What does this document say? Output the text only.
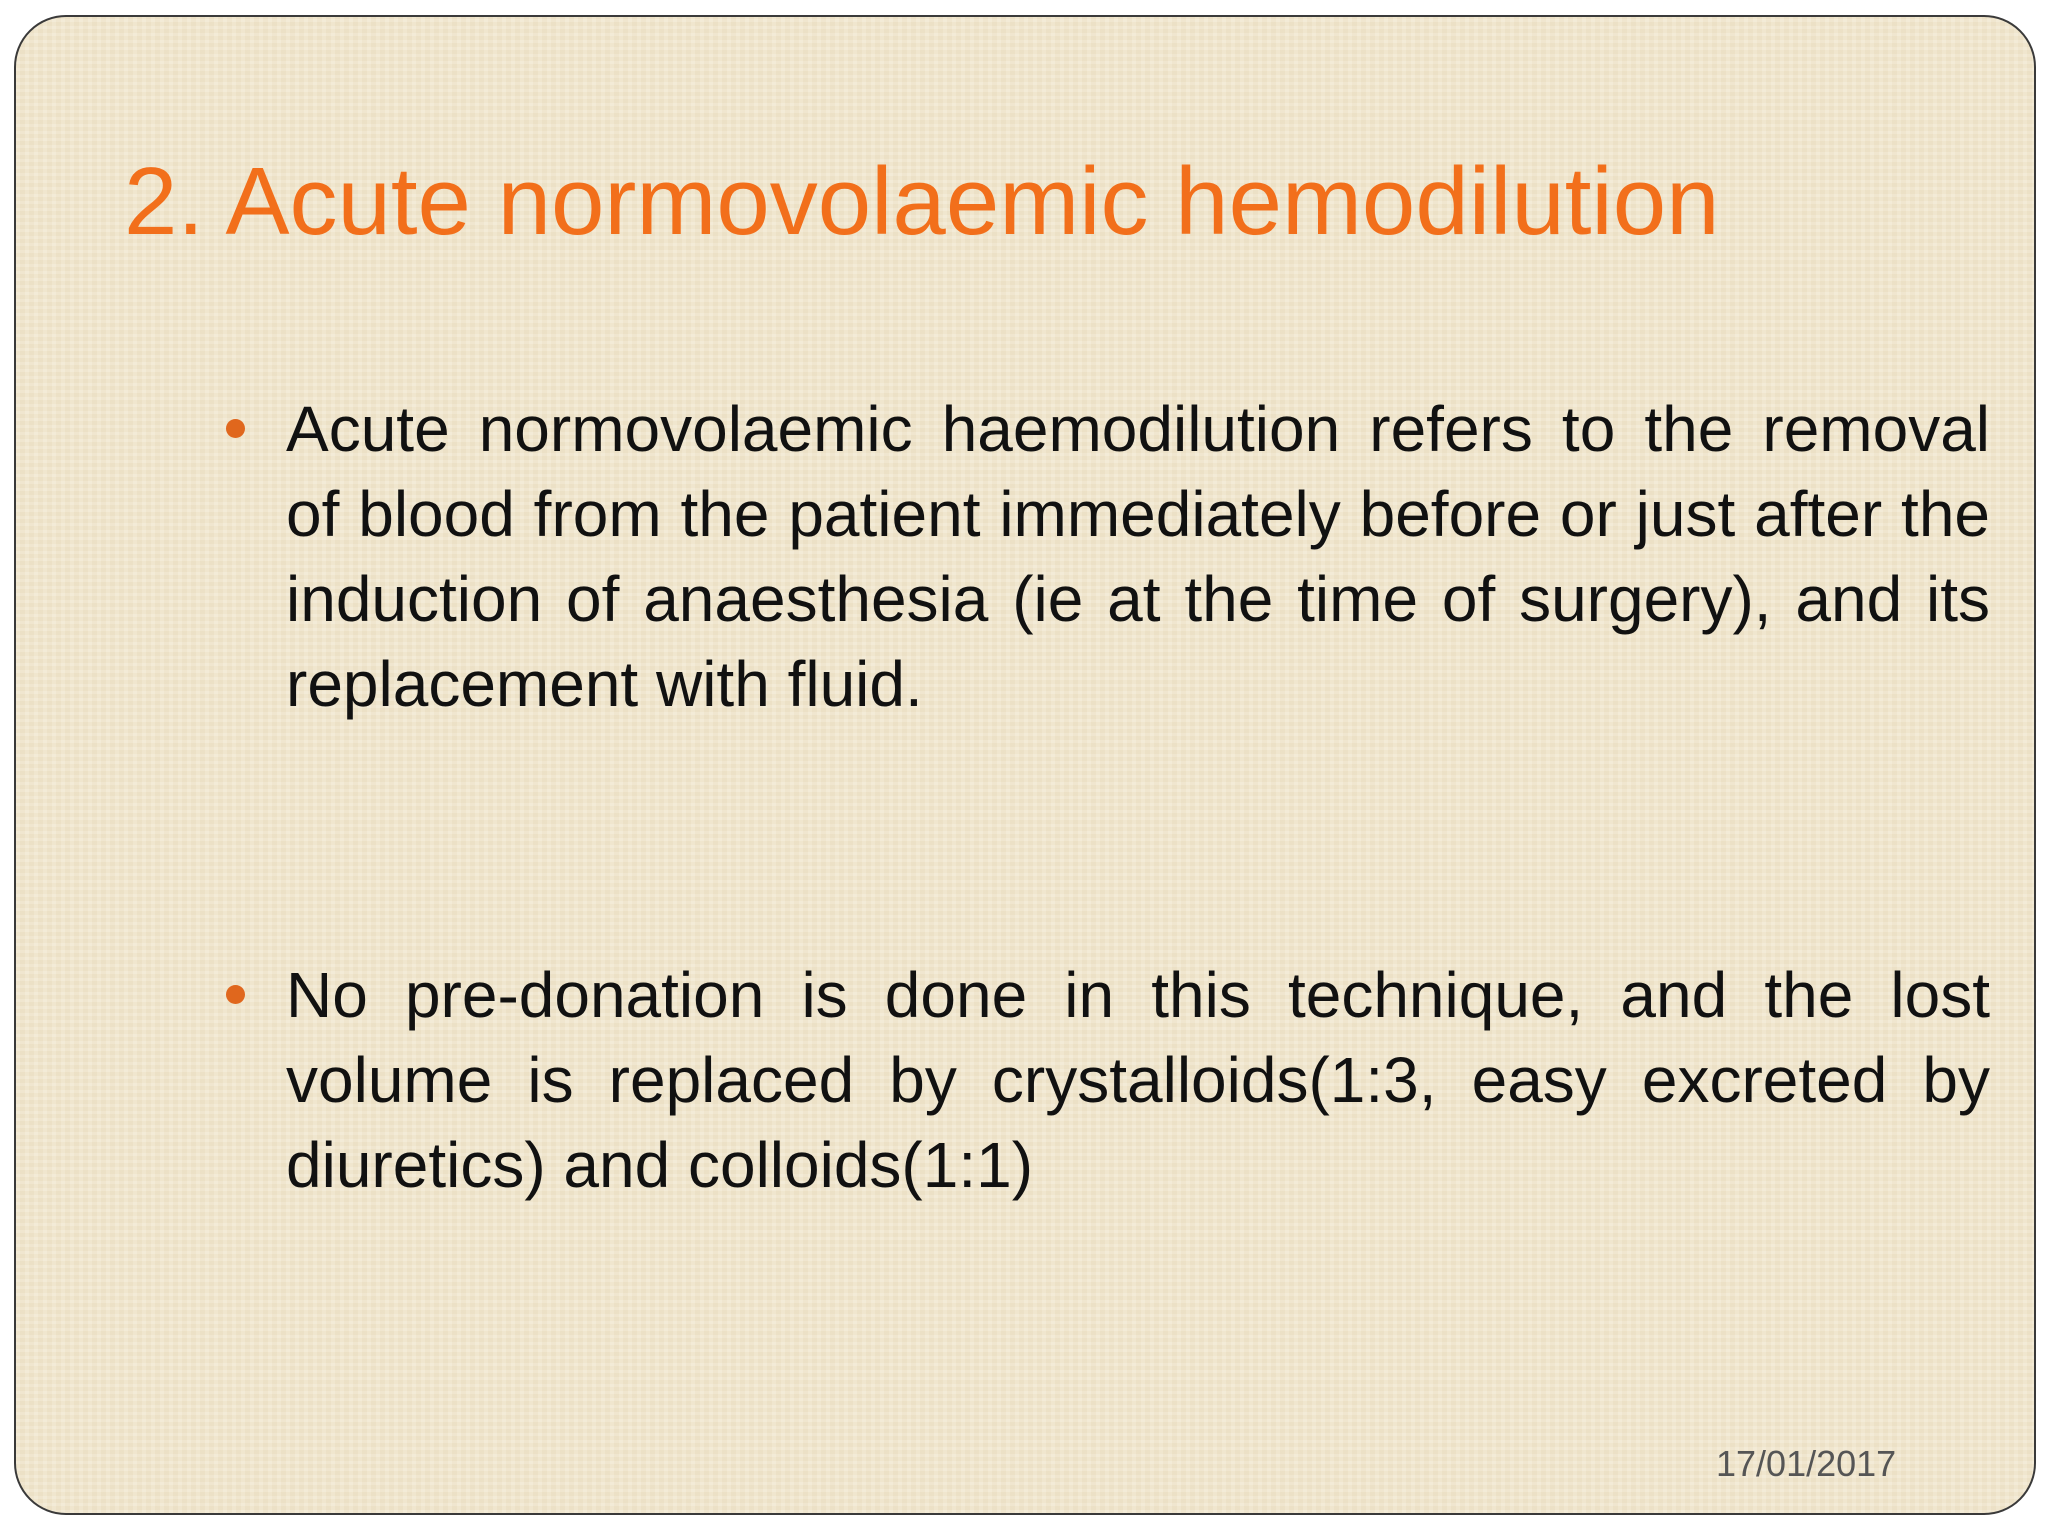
2. Acute normovolaemic hemodilution
Acute normovolaemic haemodilution refers to the removal of blood from the patient immediately before or just after the induction of anaesthesia (ie at the time of surgery), and its replacement with fluid.
No pre-donation is done in this technique, and the lost volume is replaced by crystalloids(1:3, easy excreted by diuretics) and colloids(1:1)
17/01/2017
